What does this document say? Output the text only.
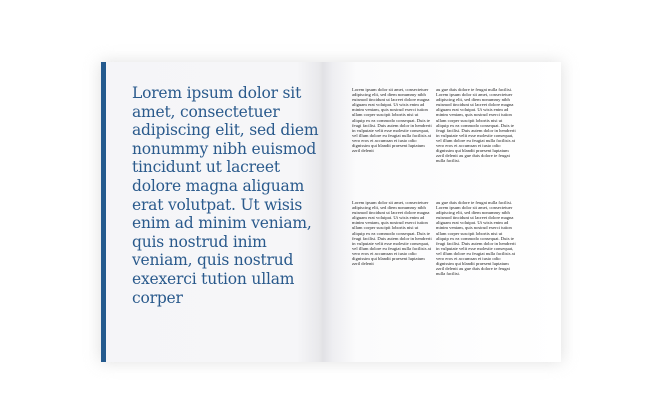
Lorem ipsum dolor sit amet, consectetuer adipiscing elit, sed diem nonummy nibh euismod tincidunt ut lacreet dolore magna aliguam erat volutpat. Ut wisis enim ad minim veniam, quis nostrud inim veniam, quis nostrud exexerci tution ullam corper

Lorem ipsum dolor sit amet, consectetuer adipiscing elit, sed diem nonummy nibh euismod tincidunt ut lacreet dolore magna aliguam erat volutpat. Ut wisis enim ad minim veniam, quis nostrud exerci tution ullam corper suscipit lobortis nisi ut aliquip ex ea commodo consequat. Duis te feugi facilisi. Duis autem dolor in hendrerit in vulputate velit esse molestie consequat, vel illum dolore eu feugiat nulla facilisis at vero eros et accumsan et iusto odio dignissim qui blandit praesent luptatum zzril delenit

au gue duis dolore te feugat nulla facilisi. Lorem ipsum dolor sit amet, consectetuer adipiscing elit, sed diem nonummy nibh euismod tincidunt ut lacreet dolore magna aliguam erat volutpat. Ut wisis enim ad minim veniam, quis nostrud exerci tution ullam corper suscipit lobortis nisi ut aliquip ex ea commodo consequat. Duis te feugi facilisi. Duis autem dolor in hendrerit in vulputate velit esse molestie consequat, vel illum dolore eu feugiat nulla facilisis at vero eros et accumsan et iusto odio dignissim qui blandit praesent luptatum zzril delenit au gue duis dolore te feugat nulla facilisi.

Lorem ipsum dolor sit amet, consectetuer adipiscing elit, sed diem nonummy nibh euismod tincidunt ut lacreet dolore magna aliguam erat volutpat. Ut wisis enim ad minim veniam, quis nostrud exerci tution ullam corper suscipit lobortis nisi ut aliquip ex ea commodo consequat. Duis te feugi facilisi. Duis autem dolor in hendrerit in vulputate velit esse molestie consequat, vel illum dolore eu feugiat nulla facilisis at vero eros et accumsan et iusto odio dignissim qui blandit praesent luptatum zzril delenit

au gue duis dolore te feugat nulla facilisi. Lorem ipsum dolor sit amet, consectetuer adipiscing elit, sed diem nonummy nibh euismod tincidunt ut lacreet dolore magna aliguam erat volutpat. Ut wisis enim ad minim veniam, quis nostrud exerci tution ullam corper suscipit lobortis nisi ut aliquip ex ea commodo consequat. Duis te feugi facilisi. Duis autem dolor in hendrerit in vulputate velit esse molestie consequat, vel illum dolore eu feugiat nulla facilisis at vero eros et accumsan et iusto odio dignissim qui blandit praesent luptatum zzril delenit au gue duis dolore te feugat nulla facilisi.
